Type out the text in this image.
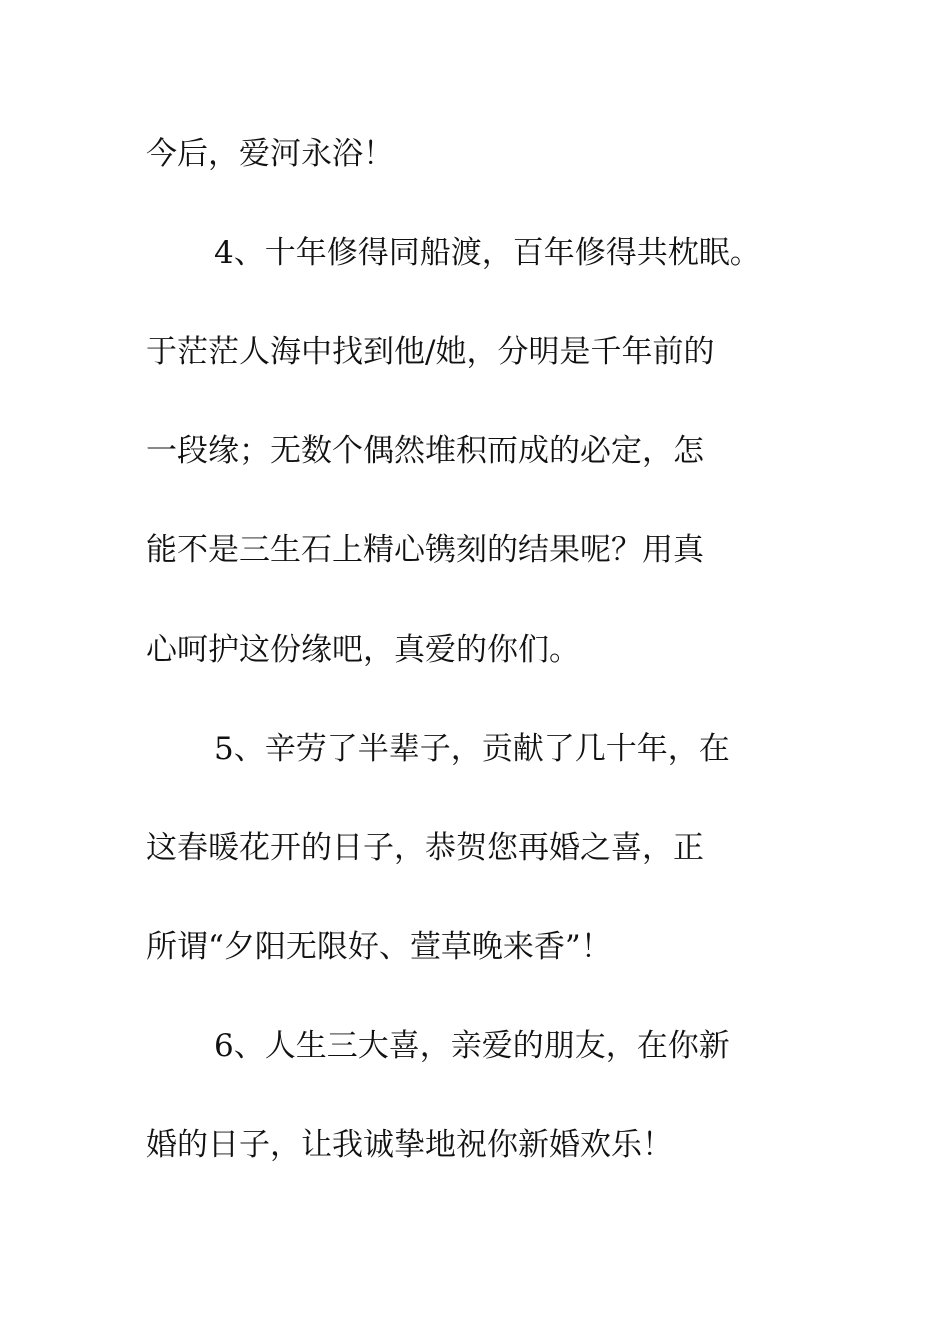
今后，爱河永浴！

4、十年修得同船渡，百年修得共枕眠。

于茫茫人海中找到他/她，分明是千年前的

一段缘；无数个偶然堆积而成的必定，怎

能不是三生石上精心镌刻的结果呢？用真

心呵护这份缘吧，真爱的你们。

5、辛劳了半辈子，贡献了几十年，在

这春暖花开的日子，恭贺您再婚之喜，正

所谓“夕阳无限好、萱草晚来香”！

6、人生三大喜，亲爱的朋友，在你新

婚的日子，让我诚挚地祝你新婚欢乐！
